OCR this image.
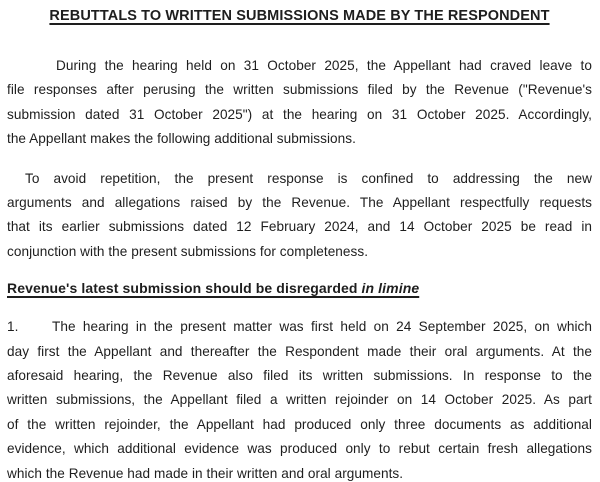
REBUTTALS TO WRITTEN SUBMISSIONS MADE BY THE RESPONDENT
During the hearing held on 31 October 2025, the Appellant had craved leave to
file responses after perusing the written submissions filed by the Revenue ("Revenue's
submission dated 31 October 2025") at the hearing on 31 October 2025. Accordingly,
the Appellant makes the following additional submissions.
To avoid repetition, the present response is confined to addressing the new
arguments and allegations raised by the Revenue. The Appellant respectfully requests
that its earlier submissions dated 12 February 2024, and 14 October 2025 be read in
conjunction with the present submissions for completeness.
Revenue's latest submission should be disregarded in limine
1.	The hearing in the present matter was first held on 24 September 2025, on which
day first the Appellant and thereafter the Respondent made their oral arguments. At the
aforesaid hearing, the Revenue also filed its written submissions. In response to the
written submissions, the Appellant filed a written rejoinder on 14 October 2025. As part
of the written rejoinder, the Appellant had produced only three documents as additional
evidence, which additional evidence was produced only to rebut certain fresh allegations
which the Revenue had made in their written and oral arguments.
